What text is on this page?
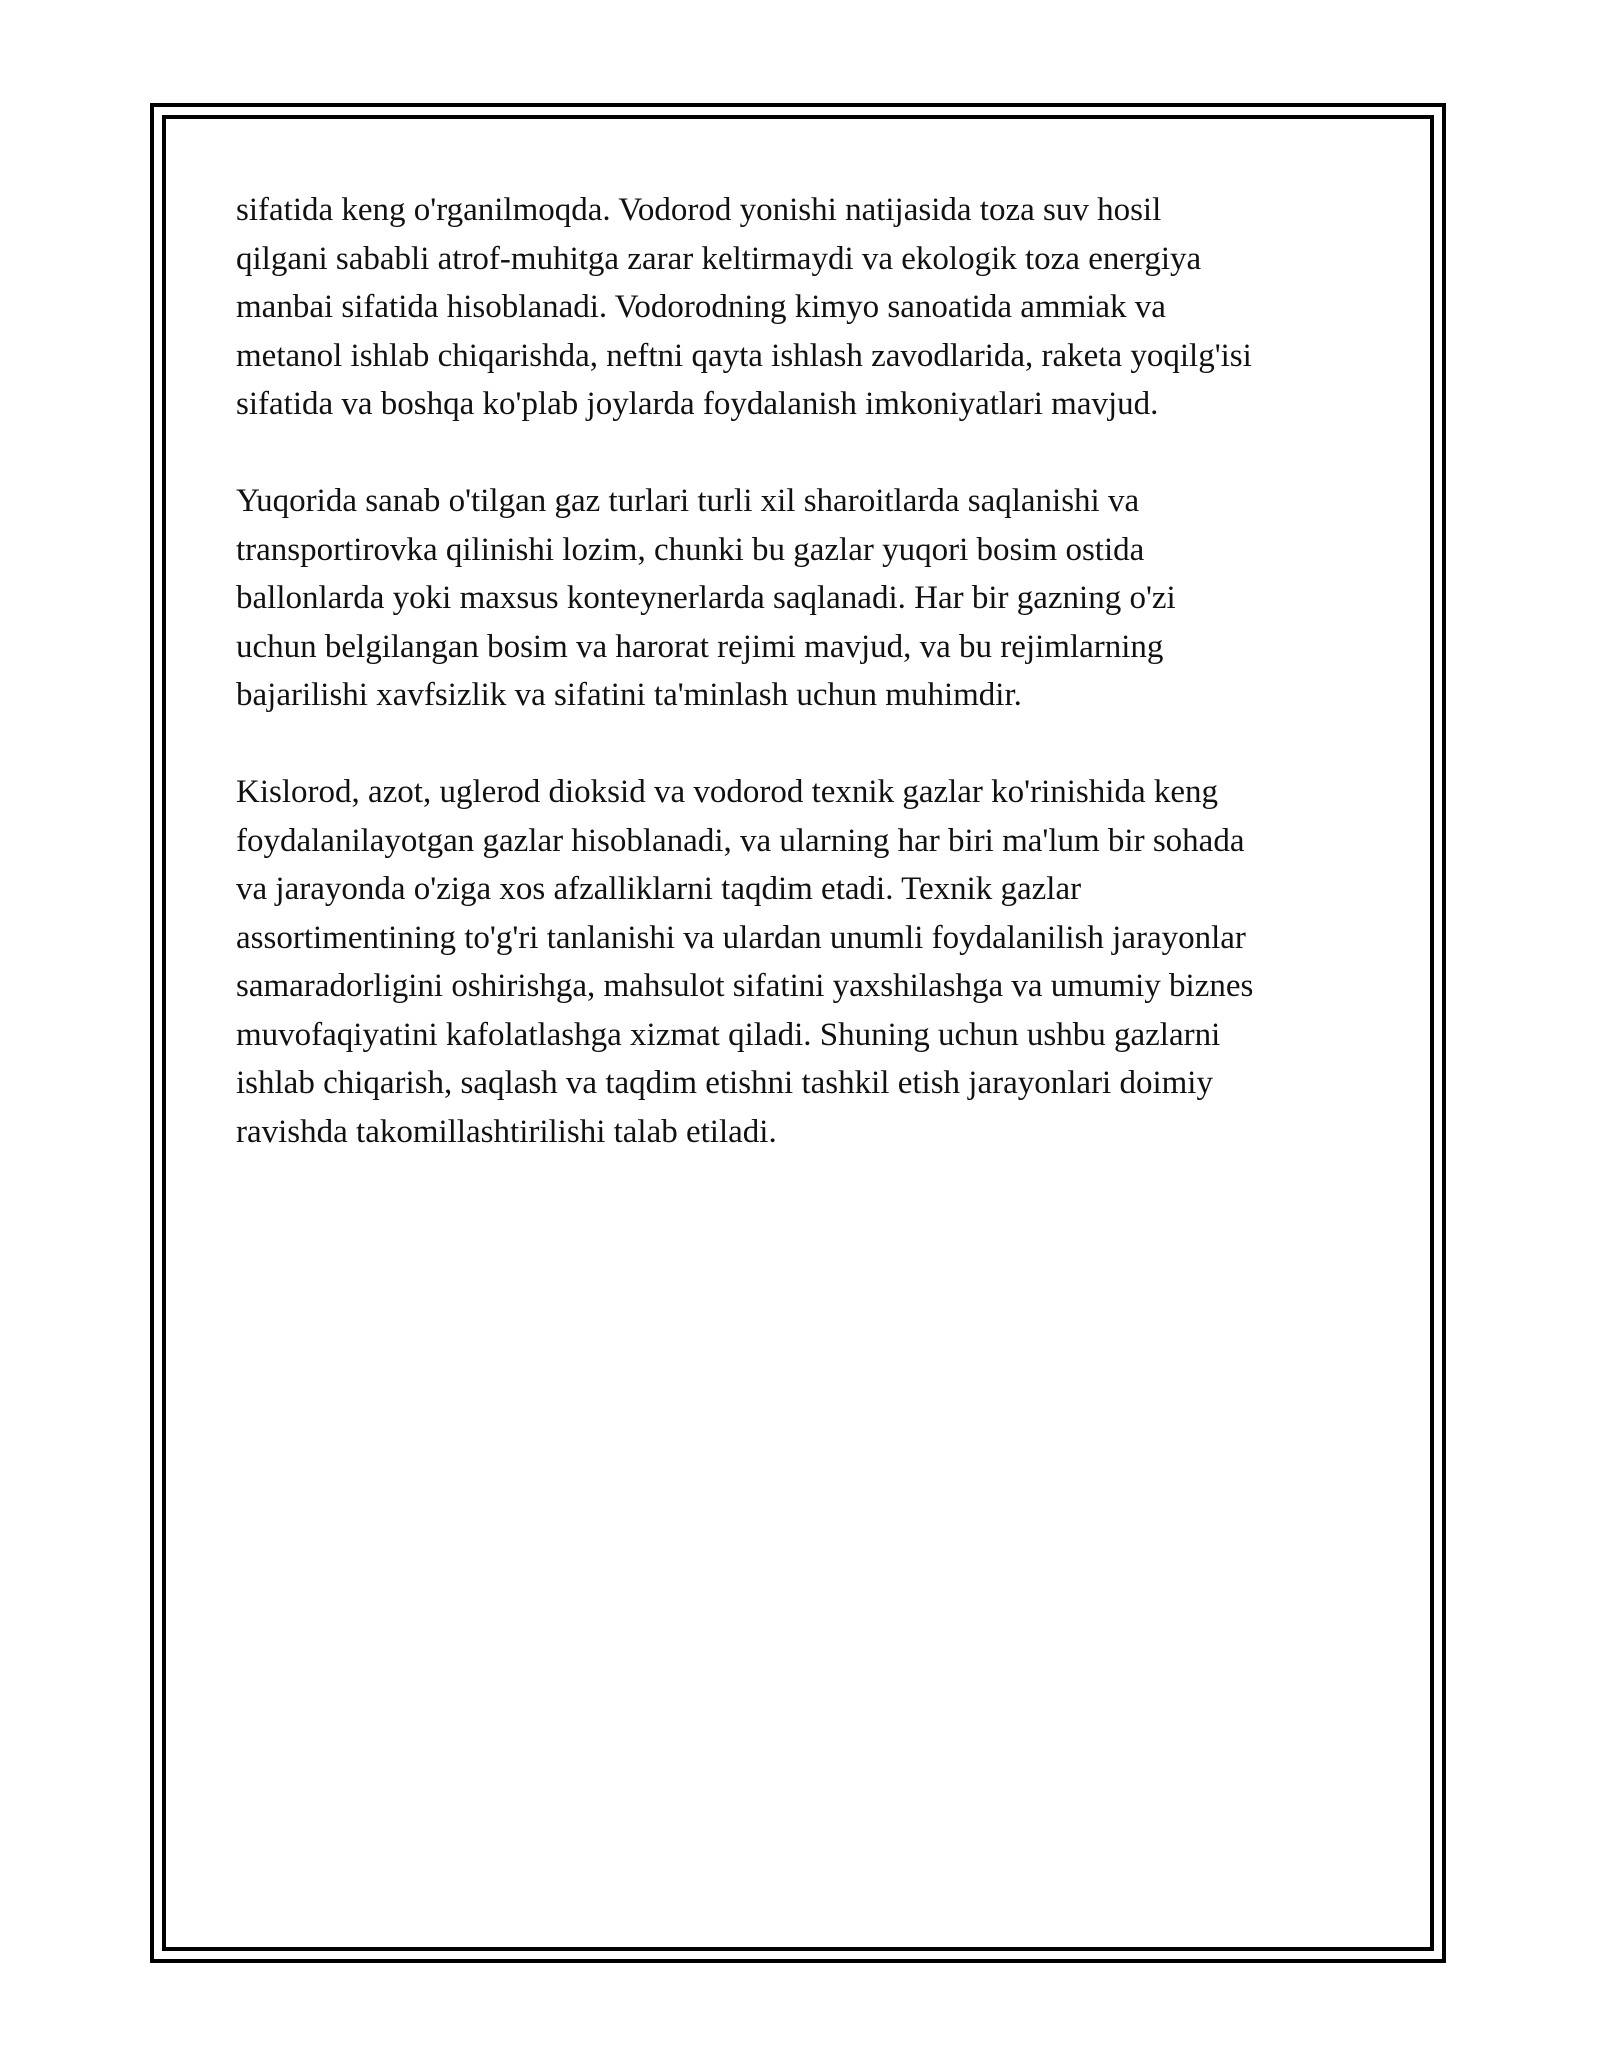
sifatida keng o'rganilmoqda. Vodorod yonishi natijasida toza suv hosil
qilgani sababli atrof-muhitga zarar keltirmaydi va ekologik toza energiya
manbai sifatida hisoblanadi. Vodorodning kimyo sanoatida ammiak va
metanol ishlab chiqarishda, neftni qayta ishlash zavodlarida, raketa yoqilg'isi
sifatida va boshqa ko'plab joylarda foydalanish imkoniyatlari mavjud.

Yuqorida sanab o'tilgan gaz turlari turli xil sharoitlarda saqlanishi va
transportirovka qilinishi lozim, chunki bu gazlar yuqori bosim ostida
ballonlarda yoki maxsus konteynerlarda saqlanadi. Har bir gazning o'zi
uchun belgilangan bosim va harorat rejimi mavjud, va bu rejimlarning
bajarilishi xavfsizlik va sifatini ta'minlash uchun muhimdir.

Kislorod, azot, uglerod dioksid va vodorod texnik gazlar ko'rinishida keng
foydalanilayotgan gazlar hisoblanadi, va ularning har biri ma'lum bir sohada
va jarayonda o'ziga xos afzalliklarni taqdim etadi. Texnik gazlar
assortimentining to'g'ri tanlanishi va ulardan unumli foydalanilish jarayonlar
samaradorligini oshirishga, mahsulot sifatini yaxshilashga va umumiy biznes
muvofaqiyatini kafolatlashga xizmat qiladi. Shuning uchun ushbu gazlarni
ishlab chiqarish, saqlash va taqdim etishni tashkil etish jarayonlari doimiy
ravishda takomillashtirilishi talab etiladi.
